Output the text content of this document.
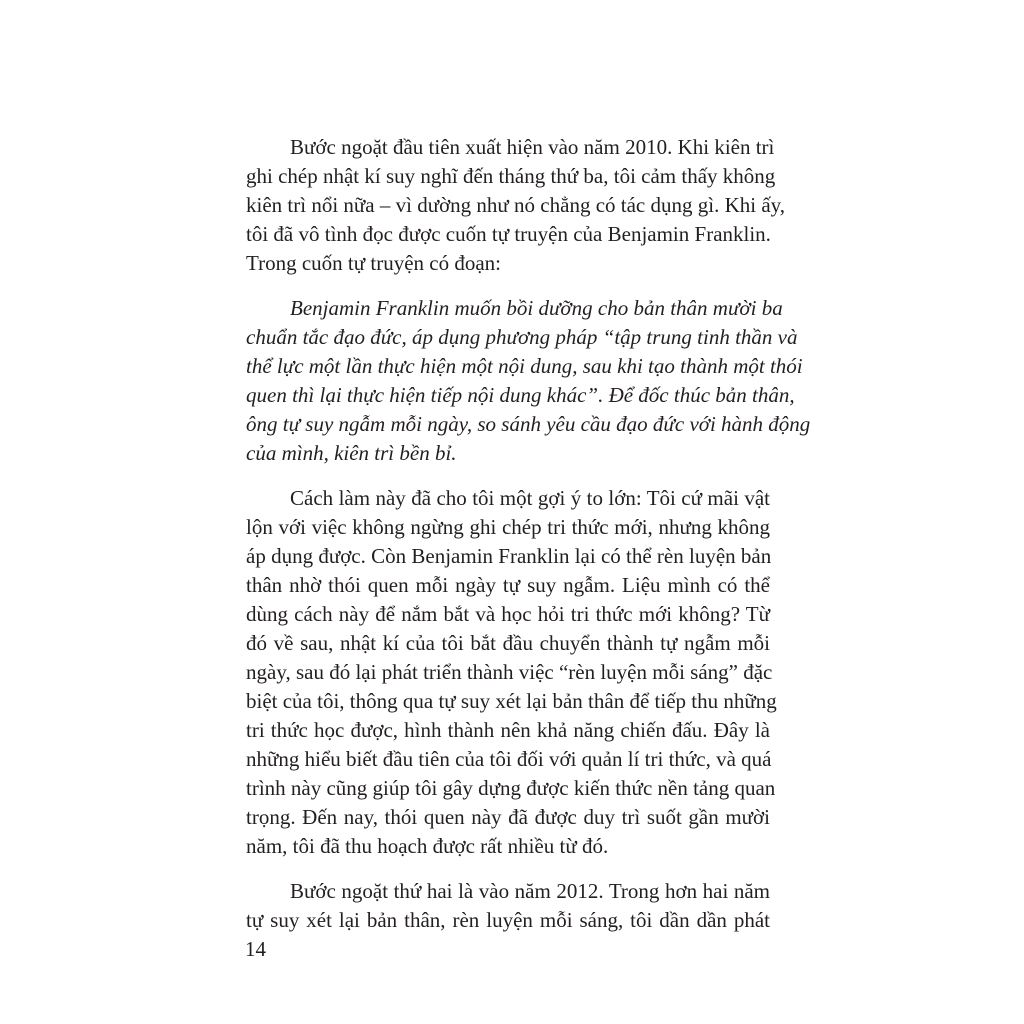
Bước ngoặt đầu tiên xuất hiện vào năm 2010. Khi kiên trì
ghi chép nhật kí suy nghĩ đến tháng thứ ba, tôi cảm thấy không
kiên trì nổi nữa – vì dường như nó chẳng có tác dụng gì. Khi ấy,
tôi đã vô tình đọc được cuốn tự truyện của Benjamin Franklin.
Trong cuốn tự truyện có đoạn:
Benjamin Franklin muốn bồi dưỡng cho bản thân mười ba
chuẩn tắc đạo đức, áp dụng phương pháp “tập trung tinh thần và
thể lực một lần thực hiện một nội dung, sau khi tạo thành một thói
quen thì lại thực hiện tiếp nội dung khác”. Để đốc thúc bản thân,
ông tự suy ngẫm mỗi ngày, so sánh yêu cầu đạo đức với hành động
của mình, kiên trì bền bỉ.
Cách làm này đã cho tôi một gợi ý to lớn: Tôi cứ mãi vật
lộn với việc không ngừng ghi chép tri thức mới, nhưng không
áp dụng được. Còn Benjamin Franklin lại có thể rèn luyện bản
thân nhờ thói quen mỗi ngày tự suy ngẫm. Liệu mình có thể
dùng cách này để nắm bắt và học hỏi tri thức mới không? Từ
đó về sau, nhật kí của tôi bắt đầu chuyển thành tự ngẫm mỗi
ngày, sau đó lại phát triển thành việc “rèn luyện mỗi sáng” đặc
biệt của tôi, thông qua tự suy xét lại bản thân để tiếp thu những
tri thức học được, hình thành nên khả năng chiến đấu. Đây là
những hiểu biết đầu tiên của tôi đối với quản lí tri thức, và quá
trình này cũng giúp tôi gây dựng được kiến thức nền tảng quan
trọng. Đến nay, thói quen này đã được duy trì suốt gần mười
năm, tôi đã thu hoạch được rất nhiều từ đó.
Bước ngoặt thứ hai là vào năm 2012. Trong hơn hai năm
tự suy xét lại bản thân, rèn luyện mỗi sáng, tôi dần dần phát
14
